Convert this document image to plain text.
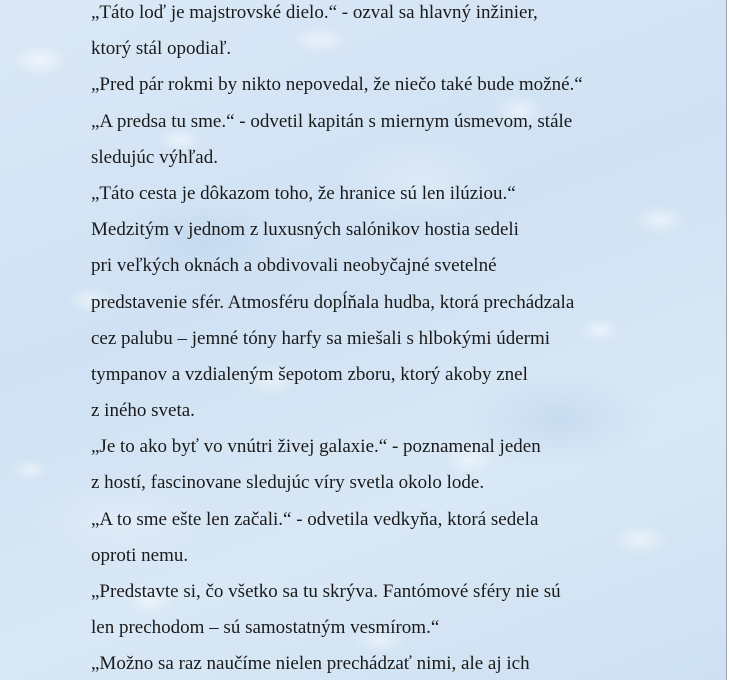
„Táto loď je majstrovské dielo.“ - ozval sa hlavný inžinier,
ktorý stál opodiaľ.
„Pred pár rokmi by nikto nepovedal, že niečo také bude možné.“
„A predsa tu sme.“ - odvetil kapitán s miernym úsmevom, stále
sledujúc výhľad.
„Táto cesta je dôkazom toho, že hranice sú len ilúziou.“
Medzitým v jednom z luxusných salónikov hostia sedeli
pri veľkých oknách a obdivovali neobyčajné svetelné
predstavenie sfér. Atmosféru dopĺňala hudba, ktorá prechádzala
cez palubu – jemné tóny harfy sa miešali s hlbokými údermi
tympanov a vzdialeným šepotom zboru, ktorý akoby znel
z iného sveta.
„Je to ako byť vo vnútri živej galaxie.“ - poznamenal jeden
z hostí, fascinovane sledujúc víry svetla okolo lode.
„A to sme ešte len začali.“ - odvetila vedkyňa, ktorá sedela
oproti nemu.
„Predstavte si, čo všetko sa tu skrýva. Fantómové sféry nie sú
len prechodom – sú samostatným vesmírom.“
„Možno sa raz naučíme nielen prechádzať nimi, ale aj ich
